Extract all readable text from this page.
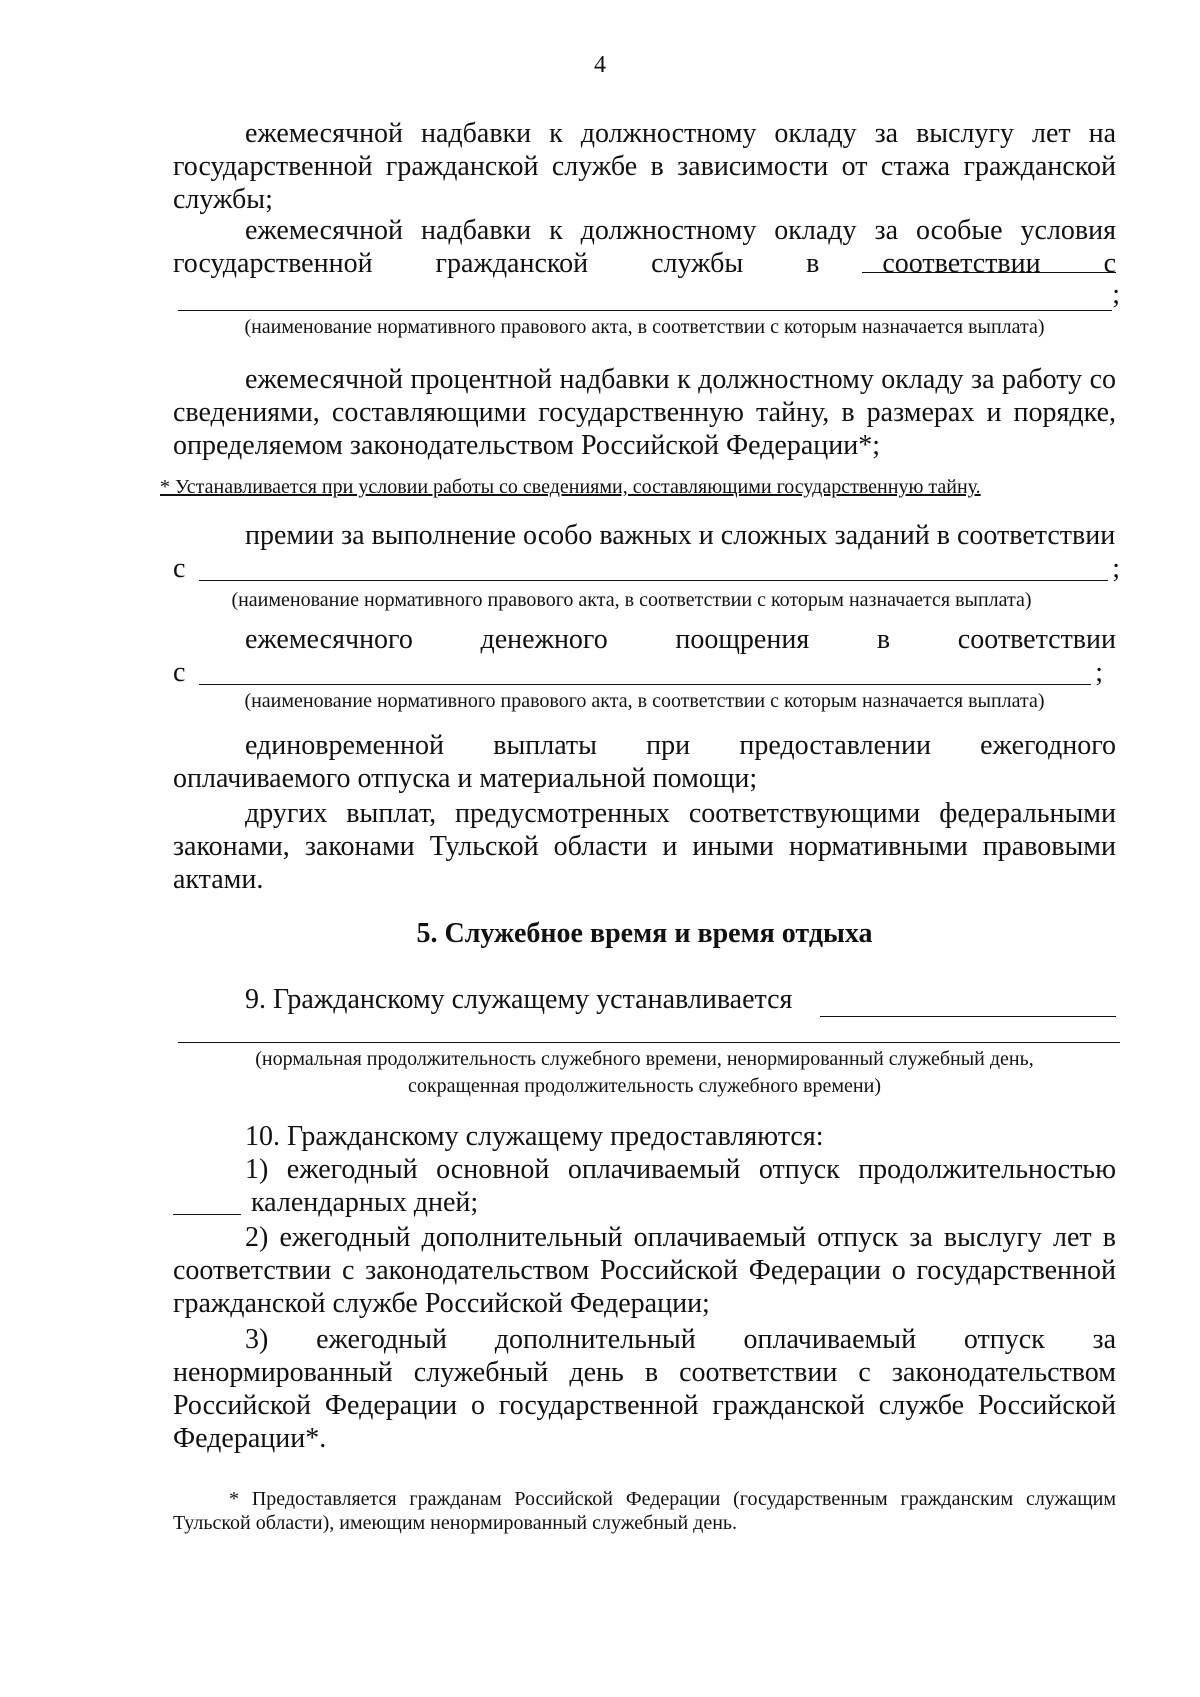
4
ежемесячной надбавки к должностному окладу за выслугу лет на государственной гражданской службе в зависимости от стажа гражданской службы;
ежемесячной надбавки к должностному окладу за особые условия государственной гражданской службы в соответствии с
;
(наименование нормативного правового акта, в соответствии с которым назначается выплата)
ежемесячной процентной надбавки к должностному окладу за работу со сведениями, составляющими государственную тайну, в размерах и порядке, определяемом законодательством Российской Федерации*;
* Устанавливается при условии работы со сведениями, составляющими государственную тайну.
премии за выполнение особо важных и сложных заданий в соответствии
с	;
(наименование нормативного правового акта, в соответствии с которым назначается выплата)
ежемесячного денежного поощрения в соответствии
с	;
(наименование нормативного правового акта, в соответствии с которым назначается выплата)
единовременной выплаты при предоставлении ежегодного оплачиваемого отпуска и материальной помощи;
других выплат, предусмотренных соответствующими федеральными законами, законами Тульской области и иными нормативными правовыми актами.
5. Служебное время и время отдыха
9. Гражданскому служащему устанавливается
(нормальная продолжительность служебного времени, ненормированный служебный день,
сокращенная продолжительность служебного времени)
10. Гражданскому служащему предоставляются:
1) ежегодный основной оплачиваемый отпуск продолжительностью
календарных дней;
2) ежегодный дополнительный оплачиваемый отпуск за выслугу лет в соответствии с законодательством Российской Федерации о государственной гражданской службе Российской Федерации;
3) ежегодный дополнительный оплачиваемый отпуск за ненормированный служебный день в соответствии с законодательством Российской Федерации о государственной гражданской службе Российской Федерации*.
* Предоставляется гражданам Российской Федерации (государственным гражданским служащим Тульской области), имеющим ненормированный служебный день.
